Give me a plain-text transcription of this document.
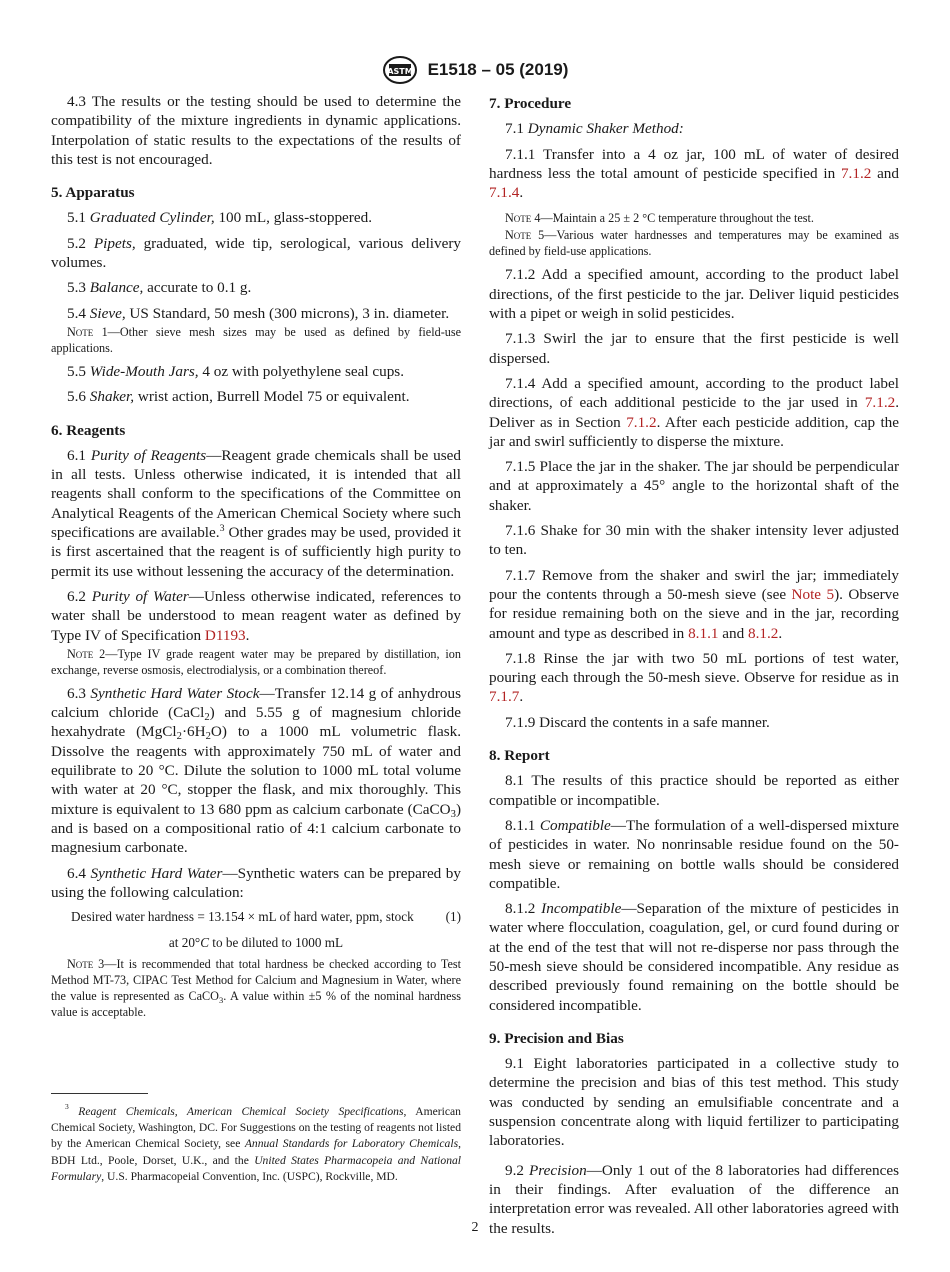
ASTM E1518 – 05 (2019)

4.3 The results or the testing should be used to determine the compatibility of the mixture ingredients in dynamic applications. Interpolation of static results to the expectations of the results of this test is not encouraged.

5. Apparatus

5.1 Graduated Cylinder, 100 mL, glass-stoppered.

5.2 Pipets, graduated, wide tip, serological, various delivery volumes.

5.3 Balance, accurate to 0.1 g.

5.4 Sieve, US Standard, 50 mesh (300 microns), 3 in. diameter.

Note 1—Other sieve mesh sizes may be used as defined by field-use applications.

5.5 Wide-Mouth Jars, 4 oz with polyethylene seal cups.

5.6 Shaker, wrist action, Burrell Model 75 or equivalent.

6. Reagents

6.1 Purity of Reagents—Reagent grade chemicals shall be used in all tests. Unless otherwise indicated, it is intended that all reagents shall conform to the specifications of the Committee on Analytical Reagents of the American Chemical Society where such specifications are available.$^3$ Other grades may be used, provided it is first ascertained that the reagent is of sufficiently high purity to permit its use without lessening the accuracy of the determination.

6.2 Purity of Water—Unless otherwise indicated, references to water shall be understood to mean reagent water as defined by Type IV of Specification D1193.

Note 2—Type IV grade reagent water may be prepared by distillation, ion exchange, reverse osmosis, electrodialysis, or a combination thereof.

6.3 Synthetic Hard Water Stock—Transfer 12.14 g of anhydrous calcium chloride (CaCl$_2$) and 5.55 g of magnesium chloride hexahydrate $(MgCl_2\cdot 6H_2O)$ to a 1000 mL volumetric flask. Dissolve the reagents with approximately 750 mL of water and equilibrate to 20 °C. Dilute the solution to 1000 mL total volume with water at 20 °C, stopper the flask, and mix thoroughly. This mixture is equivalent to 13 680 ppm as calcium carbonate (CaCO$_3$) and is based on a compositional ratio of 4:1 calcium carbonate to magnesium carbonate.

6.4 Synthetic Hard Water—Synthetic waters can be prepared by using the following calculation:

Desired water hardness = 13.154 × mL of hard water, ppm, stock (1)
at 20°C to be diluted to 1000 mL

Note 3—It is recommended that total hardness be checked according to Test Method MT-73, CIPAC Test Method for Calcium and Magnesium in Water, where the value is represented as CaCO$_3$. A value within ±5 % of the nominal hardness value is acceptable.

$^3$ Reagent Chemicals, American Chemical Society Specifications, American Chemical Society, Washington, DC. For Suggestions on the testing of reagents not listed by the American Chemical Society, see Annual Standards for Laboratory Chemicals, BDH Ltd., Poole, Dorset, U.K., and the United States Pharmacopeia and National Formulary, U.S. Pharmacopeial Convention, Inc. (USPC), Rockville, MD.

7. Procedure

7.1 Dynamic Shaker Method:

7.1.1 Transfer into a 4 oz jar, 100 mL of water of desired hardness less the total amount of pesticide specified in 7.1.2 and 7.1.4.

Note 4—Maintain a 25 ± 2 °C temperature throughout the test.

Note 5—Various water hardnesses and temperatures may be examined as defined by field-use applications.

7.1.2 Add a specified amount, according to the product label directions, of the first pesticide to the jar. Deliver liquid pesticides with a pipet or weigh in solid pesticides.

7.1.3 Swirl the jar to ensure that the first pesticide is well dispersed.

7.1.4 Add a specified amount, according to the product label directions, of each additional pesticide to the jar used in 7.1.2. Deliver as in Section 7.1.2. After each pesticide addition, cap the jar and swirl sufficiently to disperse the mixture.

7.1.5 Place the jar in the shaker. The jar should be perpendicular and at approximately a 45° angle to the horizontal shaft of the shaker.

7.1.6 Shake for 30 min with the shaker intensity lever adjusted to ten.

7.1.7 Remove from the shaker and swirl the jar; immediately pour the contents through a 50-mesh sieve (see Note 5). Observe for residue remaining both on the sieve and in the jar, recording amount and type as described in 8.1.1 and 8.1.2.

7.1.8 Rinse the jar with two 50 mL portions of test water, pouring each through the 50-mesh sieve. Observe for residue as in 7.1.7.

7.1.9 Discard the contents in a safe manner.

8. Report

8.1 The results of this practice should be reported as either compatible or incompatible.

8.1.1 Compatible—The formulation of a well-dispersed mixture of pesticides in water. No nonrinsable residue found on the 50-mesh sieve or remaining on bottle walls should be considered compatible.

8.1.2 Incompatible—Separation of the mixture of pesticides in water where flocculation, coagulation, gel, or curd found during or at the end of the test that will not re-disperse nor pass through the 50-mesh sieve should be considered incompatible. Any residue as described previously found remaining on the bottle should be considered incompatible.

9. Precision and Bias

9.1 Eight laboratories participated in a collective study to determine the precision and bias of this test method. This study was conducted by sending an emulsifiable concentrate and a suspension concentrate along with liquid fertilizer to participating laboratories.

9.2 Precision—Only 1 out of the 8 laboratories had differences in their findings. After evaluation of the difference an interpretation error was revealed. All other laboratories agreed with the results.

2
